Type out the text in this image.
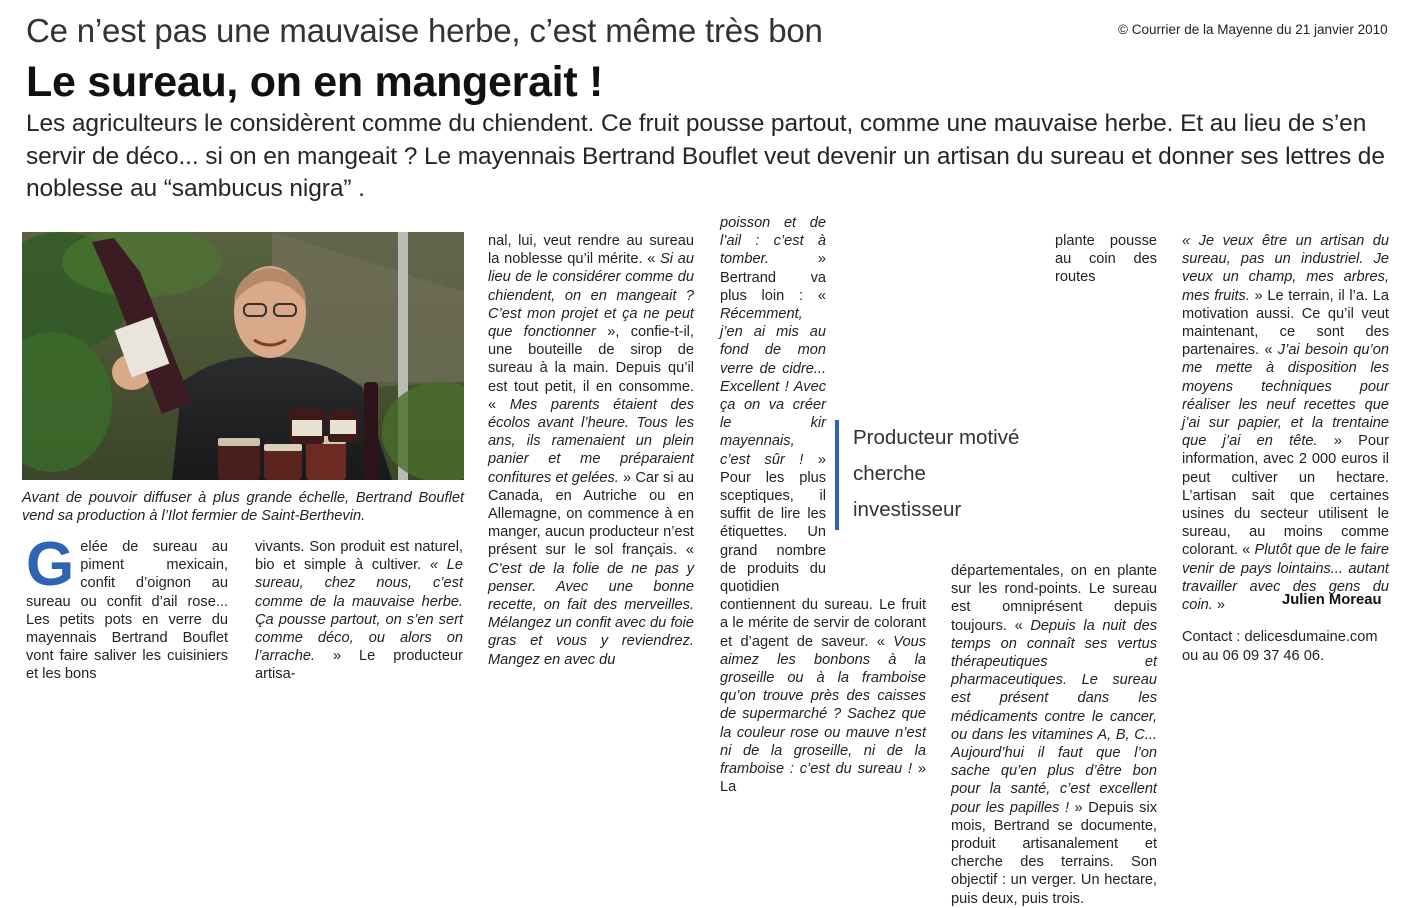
© Courrier de la Mayenne du 21 janvier 2010
Ce n’est pas une mauvaise herbe, c’est même très bon
Le sureau, on en mangerait !
Les agriculteurs le considèrent comme du chiendent. Ce fruit pousse partout, comme une mauvaise herbe. Et au lieu de s’en servir de déco... si on en mangeait ? Le mayennais Bertrand Bouflet veut devenir un artisan du sureau et donner ses lettres de noblesse au “sambucus nigra” .
Avant de pouvoir diffuser à plus grande échelle, Bertrand Bouflet vend sa production à l’Ilot fermier de Saint-Berthevin.
Gelée de sureau au piment mexicain, confit d’oignon au sureau ou confit d’ail rose... Les petits pots en verre du mayennais Bertrand Bouflet vont faire saliver les cuisiniers et les bons
vivants. Son produit est naturel, bio et simple à cultiver. « Le sureau, chez nous, c’est comme de la mauvaise herbe. Ça pousse partout, on s’en sert comme déco, ou alors on l’arrache. » Le producteur artisa-
nal, lui, veut rendre au sureau la noblesse qu’il mérite. « Si au lieu de le considérer comme du chiendent, on en mangeait ? C’est mon projet et ça ne peut que fonctionner », confie-t-il, une bouteille de sirop de sureau à la main. Depuis qu’il est tout petit, il en consomme. « Mes parents étaient des écolos avant l’heure. Tous les ans, ils ramenaient un plein panier et me préparaient confitures et gelées. » Car si au Canada, en Autriche ou en Allemagne, on commence à en manger, aucun producteur n’est présent sur le sol français. « C’est de la folie de ne pas y penser. Avec une bonne recette, on fait des merveilles. Mélangez un confit avec du foie gras et vous y reviendrez. Mangez en avec du
poisson et de l’ail : c’est à tomber. » Bertrand va plus loin : « Récemment, j’en ai mis au fond de mon verre de cidre... Excellent ! Avec ça on va créer le kir mayennais, c’est sûr ! » Pour les plus sceptiques, il suffit de lire les étiquettes. Un grand nombre de produits du quotidien contiennent du sureau. Le fruit a le mérite de servir de colorant et d’agent de saveur. « Vous aimez les bonbons à la groseille ou à la framboise qu’on trouve près des caisses de supermarché ? Sachez que la couleur rose ou mauve n’est ni de la groseille, ni de la framboise : c’est du sureau ! » La
plante pousse au coin des routes départementales, on en plante sur les rond-points. Le sureau est omniprésent depuis toujours. « Depuis la nuit des temps on connaît ses vertus thérapeutiques et pharmaceutiques. Le sureau est présent dans les médicaments contre le cancer, ou dans les vitamines A, B, C... Aujourd’hui il faut que l’on sache qu’en plus d’être bon pour la santé, c’est excellent pour les papilles ! » Depuis six mois, Bertrand se documente, produit artisanalement et cherche des terrains. Son objectif : un verger. Un hectare, puis deux, puis trois.
Producteur motivé
cherche
investisseur
« Je veux être un artisan du sureau, pas un industriel. Je veux un champ, mes arbres, mes fruits. » Le terrain, il l’a. La motivation aussi. Ce qu’il veut maintenant, ce sont des partenaires. « J’ai besoin qu’on me mette à disposition les moyens techniques pour réaliser les neuf recettes que j’ai sur papier, et la trentaine que j’ai en tête. » Pour information, avec 2 000 euros il peut cultiver un hectare. L’artisan sait que certaines usines du secteur utilisent le sureau, au moins comme colorant. « Plutôt que de le faire venir de pays lointains... autant travailler avec des gens du coin. »	Julien Moreau
Contact : delicesdumaine.com ou au 06 09 37 46 06.
